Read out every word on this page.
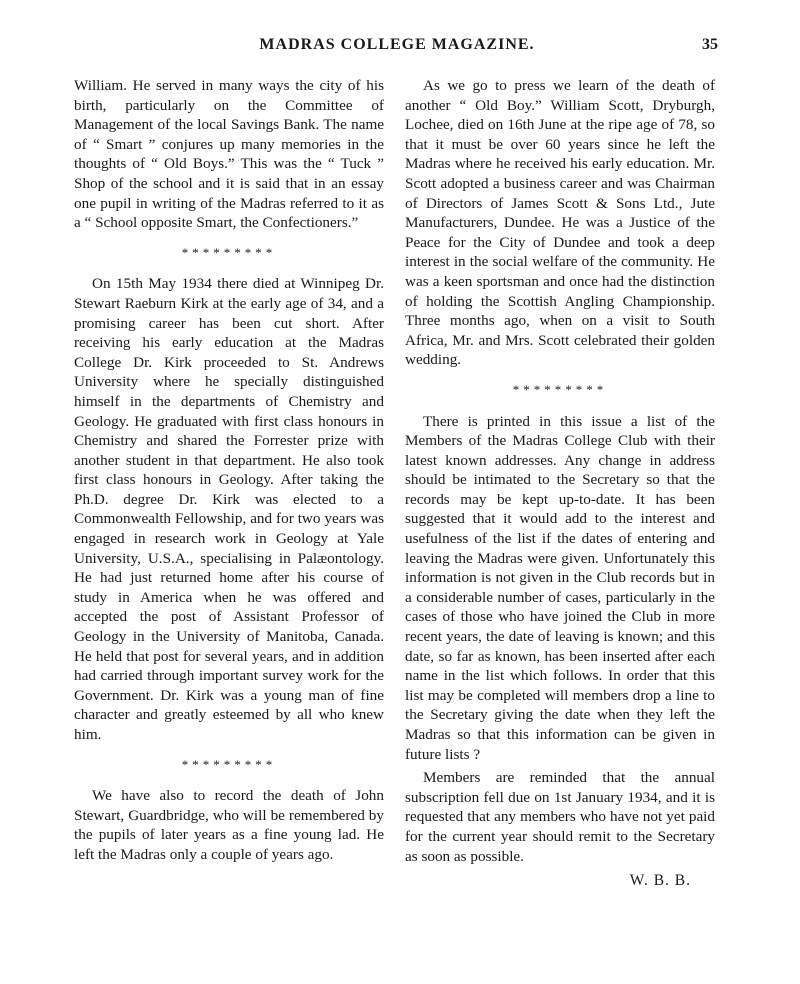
MADRAS COLLEGE MAGAZINE.	35

William. He served in many ways the city of his birth, particularly on the Committee of Management of the local Savings Bank. The name of “ Smart ” conjures up many memories in the thoughts of “ Old Boys.” This was the “ Tuck ” Shop of the school and it is said that in an essay one pupil in writing of the Madras referred to it as a “ School opposite Smart, the Confectioners.”

*********

On 15th May 1934 there died at Winnipeg Dr. Stewart Raeburn Kirk at the early age of 34, and a promising career has been cut short. After receiving his early education at the Madras College Dr. Kirk proceeded to St. Andrews University where he specially distinguished himself in the departments of Chemistry and Geology. He graduated with first class honours in Chemistry and shared the Forrester prize with another student in that department. He also took first class honours in Geology. After taking the Ph.D. degree Dr. Kirk was elected to a Commonwealth Fellowship, and for two years was engaged in research work in Geology at Yale University, U.S.A., specialising in Palæontology. He had just returned home after his course of study in America when he was offered and accepted the post of Assistant Professor of Geology in the University of Manitoba, Canada. He held that post for several years, and in addition had carried through important survey work for the Government. Dr. Kirk was a young man of fine character and greatly esteemed by all who knew him.

*********

We have also to record the death of John Stewart, Guardbridge, who will be remembered by the pupils of later years as a fine young lad. He left the Madras only a couple of years ago.

As we go to press we learn of the death of another “ Old Boy.” William Scott, Dryburgh, Lochee, died on 16th June at the ripe age of 78, so that it must be over 60 years since he left the Madras where he received his early education. Mr. Scott adopted a business career and was Chairman of Directors of James Scott & Sons Ltd., Jute Manufacturers, Dundee. He was a Justice of the Peace for the City of Dundee and took a deep interest in the social welfare of the community. He was a keen sportsman and once had the distinction of holding the Scottish Angling Championship. Three months ago, when on a visit to South Africa, Mr. and Mrs. Scott celebrated their golden wedding.

*********

There is printed in this issue a list of the Members of the Madras College Club with their latest known addresses. Any change in address should be intimated to the Secretary so that the records may be kept up-to-date. It has been suggested that it would add to the interest and usefulness of the list if the dates of entering and leaving the Madras were given. Unfortunately this information is not given in the Club records but in a considerable number of cases, particularly in the cases of those who have joined the Club in more recent years, the date of leaving is known; and this date, so far as known, has been inserted after each name in the list which follows. In order that this list may be completed will members drop a line to the Secretary giving the date when they left the Madras so that this information can be given in future lists ?

Members are reminded that the annual subscription fell due on 1st January 1934, and it is requested that any members who have not yet paid for the current year should remit to the Secretary as soon as possible.

W. B. B.
